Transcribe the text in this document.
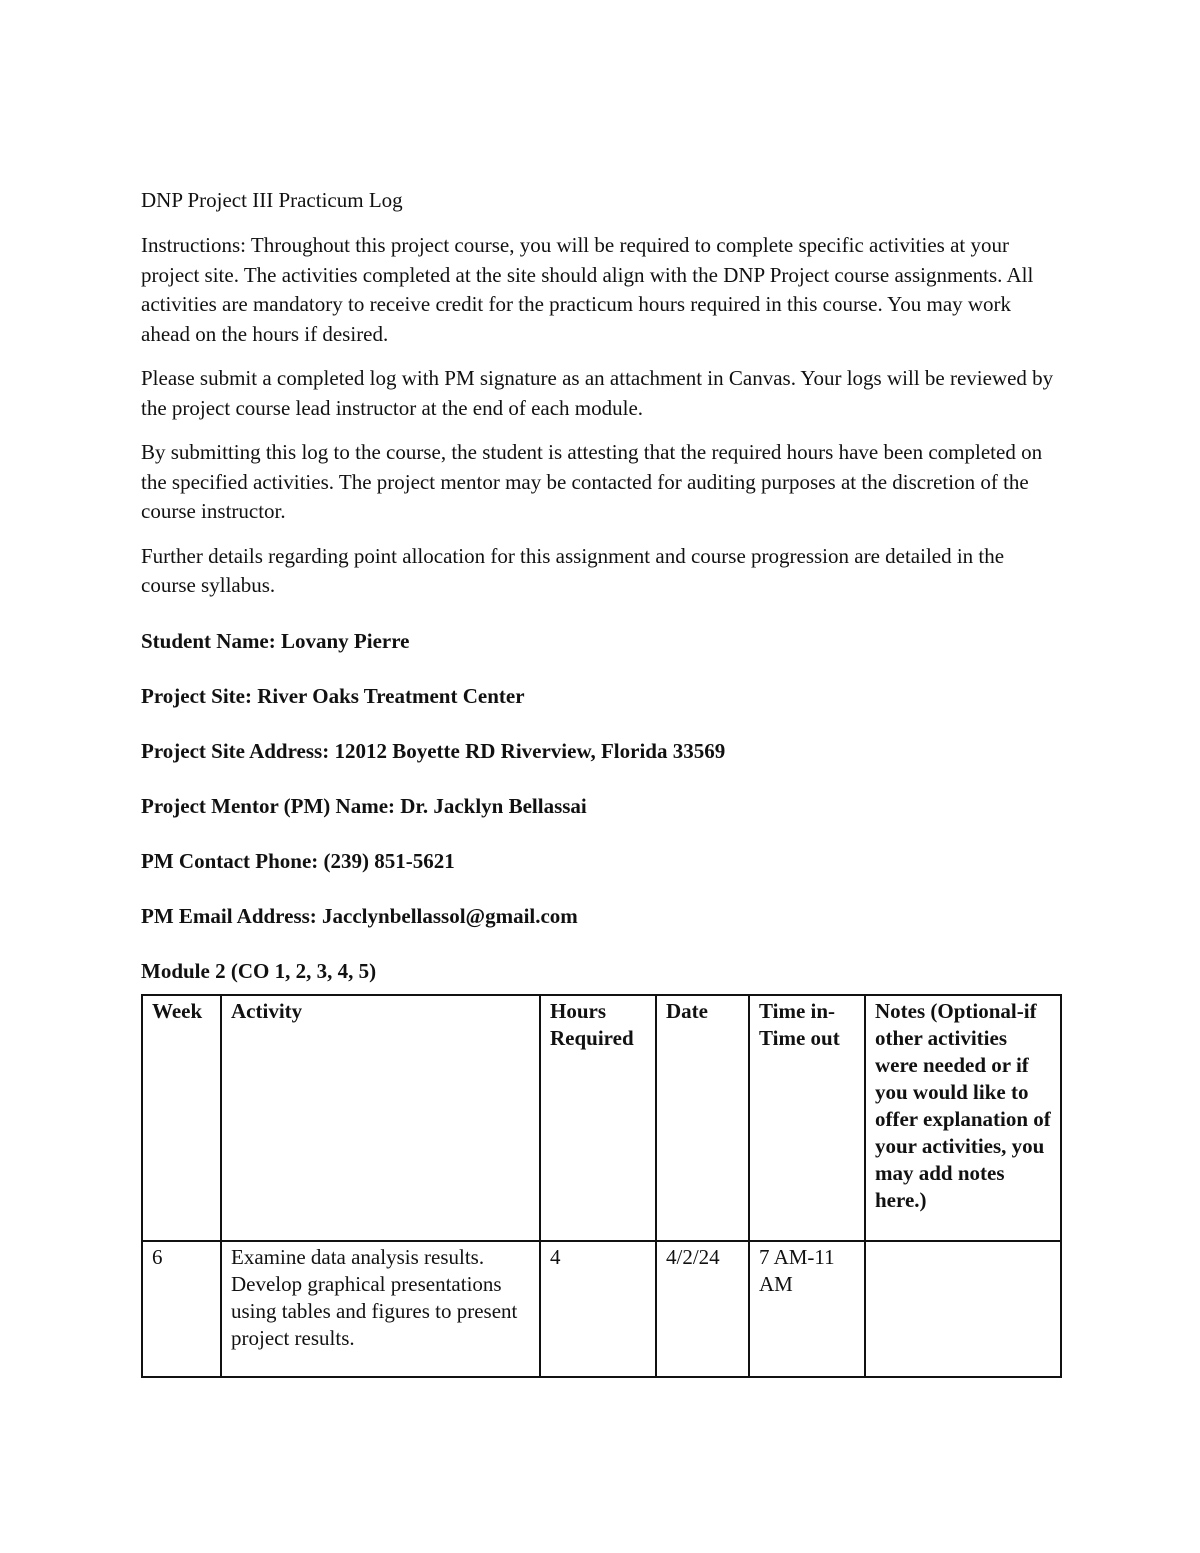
DNP Project III Practicum Log

Instructions: Throughout this project course, you will be required to complete specific activities at your project site. The activities completed at the site should align with the DNP Project course assignments. All activities are mandatory to receive credit for the practicum hours required in this course. You may work ahead on the hours if desired.

Please submit a completed log with PM signature as an attachment in Canvas. Your logs will be reviewed by the project course lead instructor at the end of each module.

By submitting this log to the course, the student is attesting that the required hours have been completed on the specified activities. The project mentor may be contacted for auditing purposes at the discretion of the course instructor.

Further details regarding point allocation for this assignment and course progression are detailed in the course syllabus.

Student Name: Lovany Pierre

Project Site: River Oaks Treatment Center

Project Site Address: 12012 Boyette RD Riverview, Florida 33569

Project Mentor (PM) Name: Dr. Jacklyn Bellassai

PM Contact Phone: (239) 851-5621

PM Email Address: Jacclynbellassol@gmail.com

Module 2 (CO 1, 2, 3, 4, 5)

Week	Activity	Hours Required	Date	Time in-Time out	Notes (Optional-if other activities were needed or if you would like to offer explanation of your activities, you may add notes here.)
6	Examine data analysis results. Develop graphical presentations using tables and figures to present project results.	4	4/2/24	7 AM-11 AM	
